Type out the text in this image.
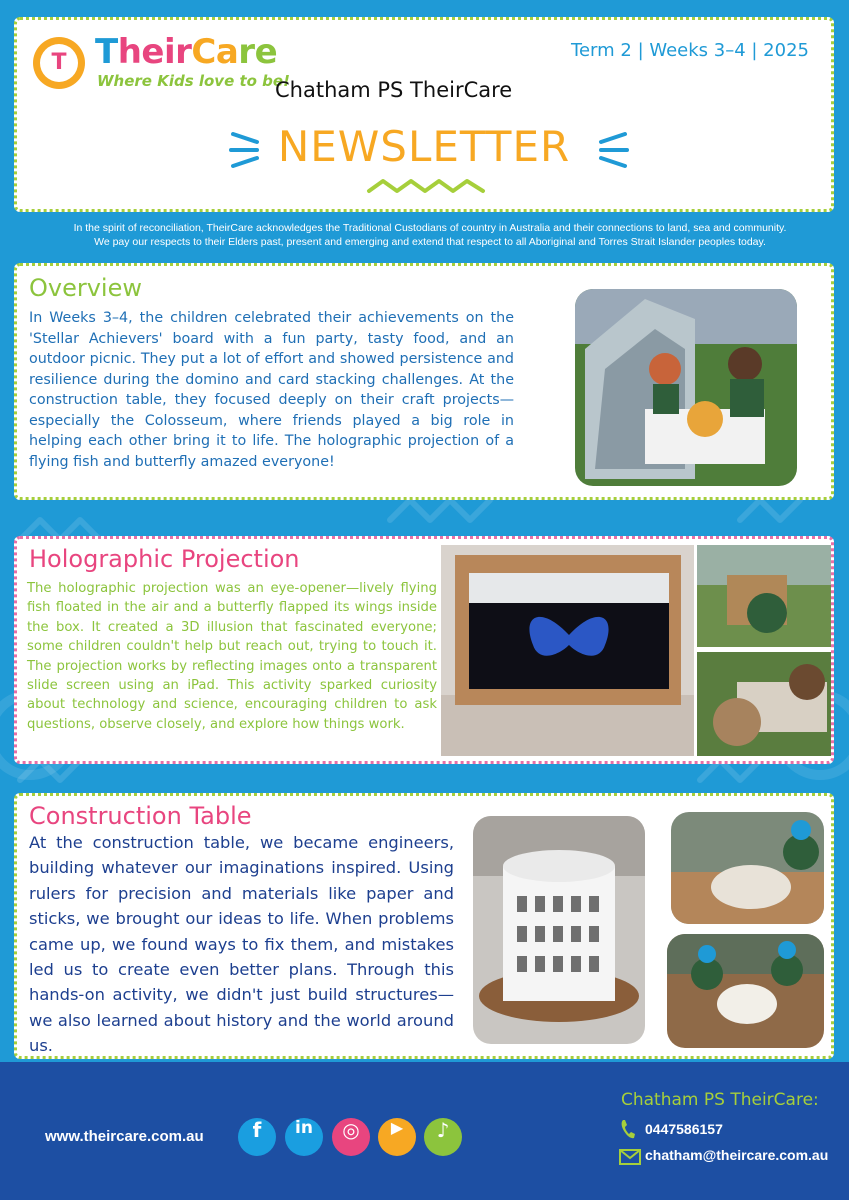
T TheirCare
Where Kids love to be!
Chatham PS TheirCare
Term 2 | Weeks 3–4 | 2025
NEWSLETTER
In the spirit of reconciliation, TheirCare acknowledges the Traditional Custodians of country in Australia and their connections to land, sea and community.
We pay our respects to their Elders past, present and emerging and extend that respect to all Aboriginal and Torres Strait Islander peoples today.
Overview
In Weeks 3–4, the children celebrated their achievements on the 'Stellar Achievers' board with a fun party, tasty food, and an outdoor picnic. They put a lot of effort and showed persistence and resilience during the domino and card stacking challenges. At the construction table, they focused deeply on their craft projects—especially the Colosseum, where friends played a big role in helping each other bring it to life. The holographic projection of a flying fish and butterfly amazed everyone!
Holographic Projection
The holographic projection was an eye-opener—lively flying fish floated in the air and a butterfly flapped its wings inside the box. It created a 3D illusion that fascinated everyone; some children couldn't help but reach out, trying to touch it. The projection works by reflecting images onto a transparent slide screen using an iPad. This activity sparked curiosity about technology and science, encouraging children to ask questions, observe closely, and explore how things work.
Construction Table
At the construction table, we became engineers, building whatever our imaginations inspired. Using rulers for precision and materials like paper and sticks, we brought our ideas to life. When problems came up, we found ways to fix them, and mistakes led us to create even better plans. Through this hands-on activity, we didn't just build structures—we also learned about history and the world around us.
www.theircare.com.au	f	in	◎	▶	♪
Chatham PS TheirCare:
0447586157
chatham@theircare.com.au
